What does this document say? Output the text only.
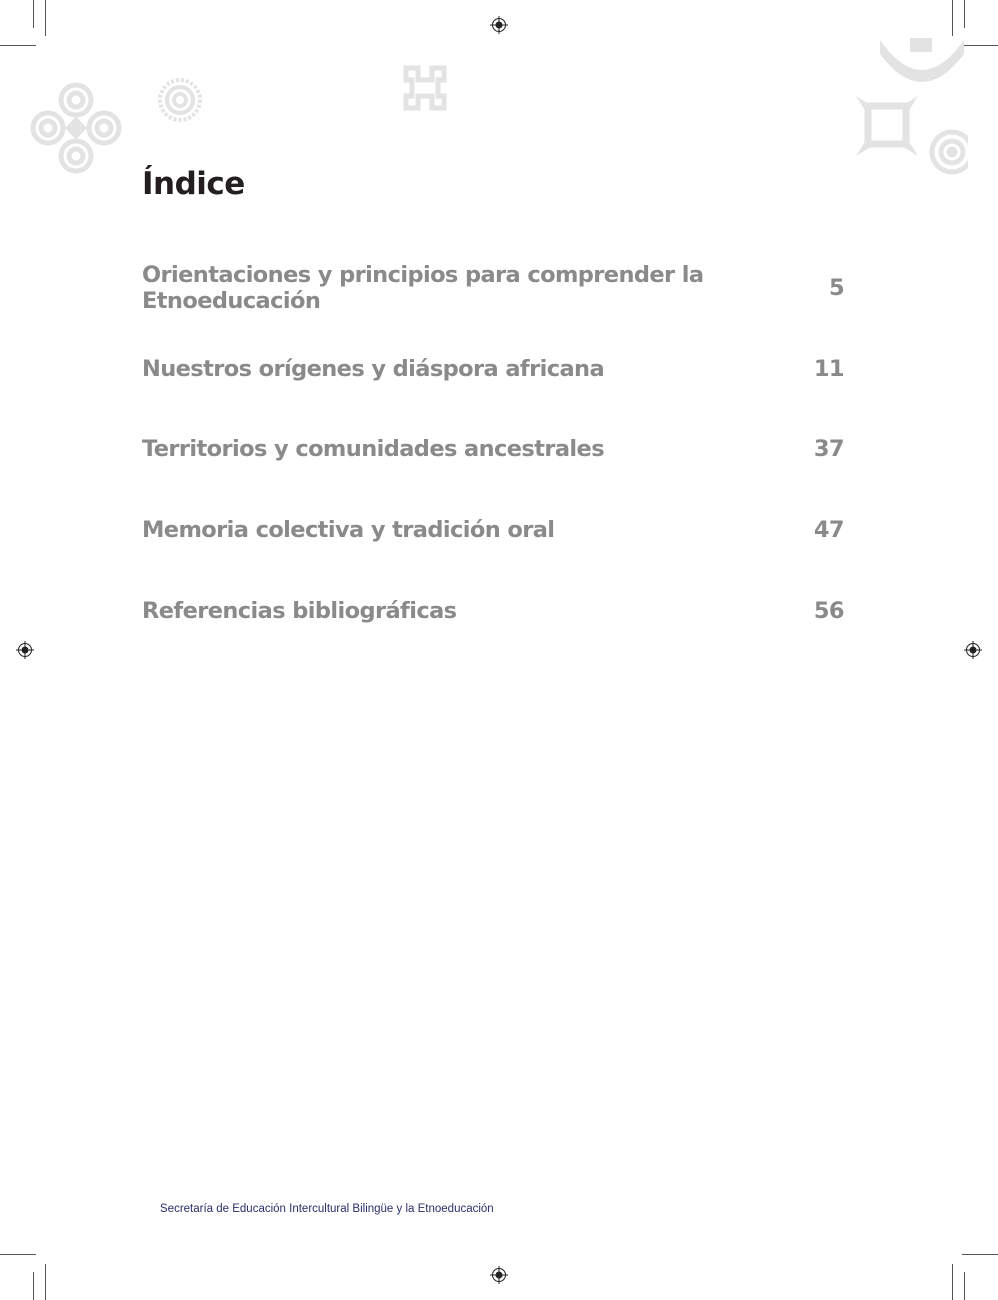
Índice
Orientaciones y principios para comprender la Etnoeducación	5
Nuestros orígenes y diáspora africana	11
Territorios y comunidades ancestrales	37
Memoria colectiva y tradición oral	47
Referencias bibliográficas	56
Secretaría de Educación Intercultural Bilingüe y la Etnoeducación
